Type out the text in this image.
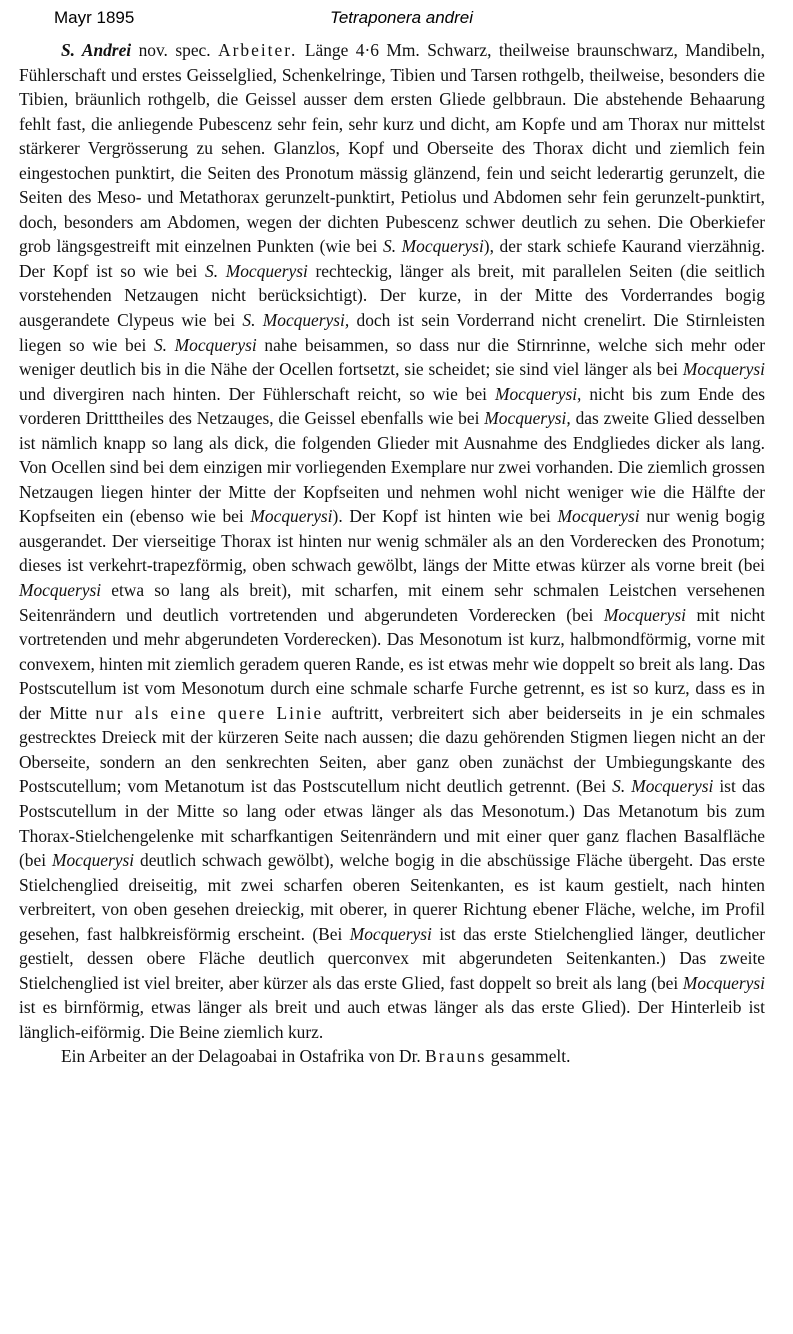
Mayr 1895	Tetraponera andrei

S. Andrei nov. spec. Arbeiter. Länge 4·6 Mm. Schwarz, theilweise braunschwarz, Mandibeln, Fühlerschaft und erstes Geisselglied, Schenkelringe, Tibien und Tarsen rothgelb, theilweise, besonders die Tibien, bräunlich rothgelb, die Geissel ausser dem ersten Gliede gelbbraun. Die abstehende Behaarung fehlt fast, die anliegende Pubescenz sehr fein, sehr kurz und dicht, am Kopfe und am Thorax nur mittelst stärkerer Vergrösserung zu sehen. Glanzlos, Kopf und Oberseite des Thorax dicht und ziemlich fein eingestochen punktirt, die Seiten des Pronotum mässig glänzend, fein und seicht lederartig gerunzelt, die Seiten des Meso- und Metathorax gerunzelt-punktirt, Petiolus und Abdomen sehr fein gerunzelt-punktirt, doch, besonders am Abdomen, wegen der dichten Pubescenz schwer deutlich zu sehen. Die Oberkiefer grob längsgestreift mit einzelnen Punkten (wie bei S. Mocquerysi), der stark schiefe Kaurand vierzähnig. Der Kopf ist so wie bei S. Mocquerysi rechteckig, länger als breit, mit parallelen Seiten (die seitlich vorstehenden Netzaugen nicht berücksichtigt). Der kurze, in der Mitte des Vorderrandes bogig ausgerandete Clypeus wie bei S. Mocquerysi, doch ist sein Vorderrand nicht crenelirt. Die Stirnleisten liegen so wie bei S. Mocquerysi nahe beisammen, so dass nur die Stirnrinne, welche sich mehr oder weniger deutlich bis in die Nähe der Ocellen fortsetzt, sie scheidet; sie sind viel länger als bei Mocquerysi und divergiren nach hinten. Der Fühlerschaft reicht, so wie bei Mocquerysi, nicht bis zum Ende des vorderen Dritttheiles des Netzauges, die Geissel ebenfalls wie bei Mocquerysi, das zweite Glied desselben ist nämlich knapp so lang als dick, die folgenden Glieder mit Ausnahme des Endgliedes dicker als lang. Von Ocellen sind bei dem einzigen mir vorliegenden Exemplare nur zwei vorhanden. Die ziemlich grossen Netzaugen liegen hinter der Mitte der Kopfseiten und nehmen wohl nicht weniger wie die Hälfte der Kopfseiten ein (ebenso wie bei Mocquerysi). Der Kopf ist hinten wie bei Mocquerysi nur wenig bogig ausgerandet. Der vierseitige Thorax ist hinten nur wenig schmäler als an den Vorderecken des Pronotum; dieses ist verkehrt-trapezförmig, oben schwach gewölbt, längs der Mitte etwas kürzer als vorne breit (bei Mocquerysi etwa so lang als breit), mit scharfen, mit einem sehr schmalen Leistchen versehenen Seitenrändern und deutlich vortretenden und abgerundeten Vorderecken (bei Mocquerysi mit nicht vortretenden und mehr abgerundeten Vorderecken). Das Mesonotum ist kurz, halbmondförmig, vorne mit convexem, hinten mit ziemlich geradem queren Rande, es ist etwas mehr wie doppelt so breit als lang. Das Postscutellum ist vom Mesonotum durch eine schmale scharfe Furche getrennt, es ist so kurz, dass es in der Mitte nur als eine quere Linie auftritt, verbreitert sich aber beiderseits in je ein schmales gestrecktes Dreieck mit der kürzeren Seite nach aussen; die dazu gehörenden Stigmen liegen nicht an der Oberseite, sondern an den senkrechten Seiten, aber ganz oben zunächst der Umbiegungskante des Postscutellum; vom Metanotum ist das Postscutellum nicht deutlich getrennt. (Bei S. Mocquerysi ist das Postscutellum in der Mitte so lang oder etwas länger als das Mesonotum.) Das Metanotum bis zum Thorax-Stielchengelenke mit scharfkantigen Seitenrändern und mit einer quer ganz flachen Basalfläche (bei Mocquerysi deutlich schwach gewölbt), welche bogig in die abschüssige Fläche übergeht. Das erste Stielchenglied dreiseitig, mit zwei scharfen oberen Seitenkanten, es ist kaum gestielt, nach hinten verbreitert, von oben gesehen dreieckig, mit oberer, in querer Richtung ebener Fläche, welche, im Profil gesehen, fast halbkreisförmig erscheint. (Bei Mocquerysi ist das erste Stielchenglied länger, deutlicher gestielt, dessen obere Fläche deutlich querconvex mit abgerundeten Seitenkanten.) Das zweite Stielchenglied ist viel breiter, aber kürzer als das erste Glied, fast doppelt so breit als lang (bei Mocquerysi ist es birnförmig, etwas länger als breit und auch etwas länger als das erste Glied). Der Hinterleib ist länglich-eiförmig. Die Beine ziemlich kurz.

Ein Arbeiter an der Delagoabai in Ostafrika von Dr. Brauns gesammelt.
